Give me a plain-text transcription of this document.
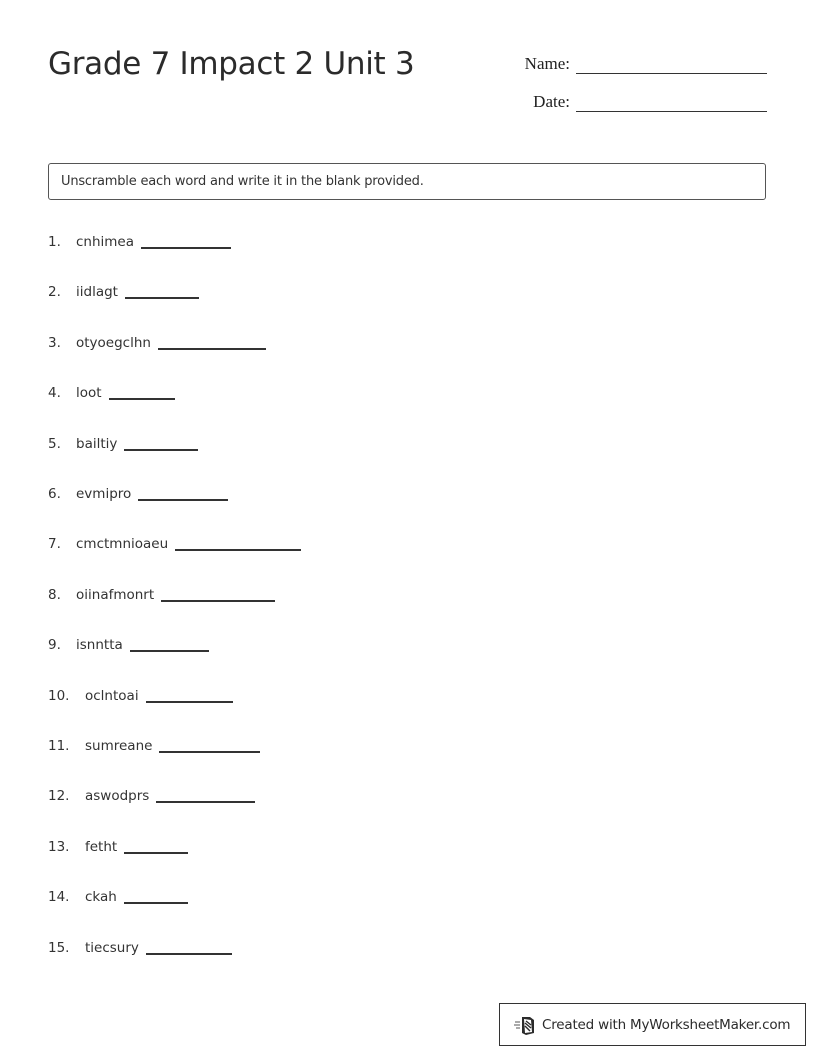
Grade 7 Impact 2 Unit 3	Name:
Date:
Unscramble each word and write it in the blank provided.
1.	cnhimea
2.	iidlagt
3.	otyoegclhn
4.	loot
5.	bailtiy
6.	evmipro
7.	cmctmnioaeu
8.	oiinafmonrt
9.	isnntta
10.	oclntoai
11.	sumreane
12.	aswodprs
13.	fetht
14.	ckah
15.	tiecsury
Created with MyWorksheetMaker.com
